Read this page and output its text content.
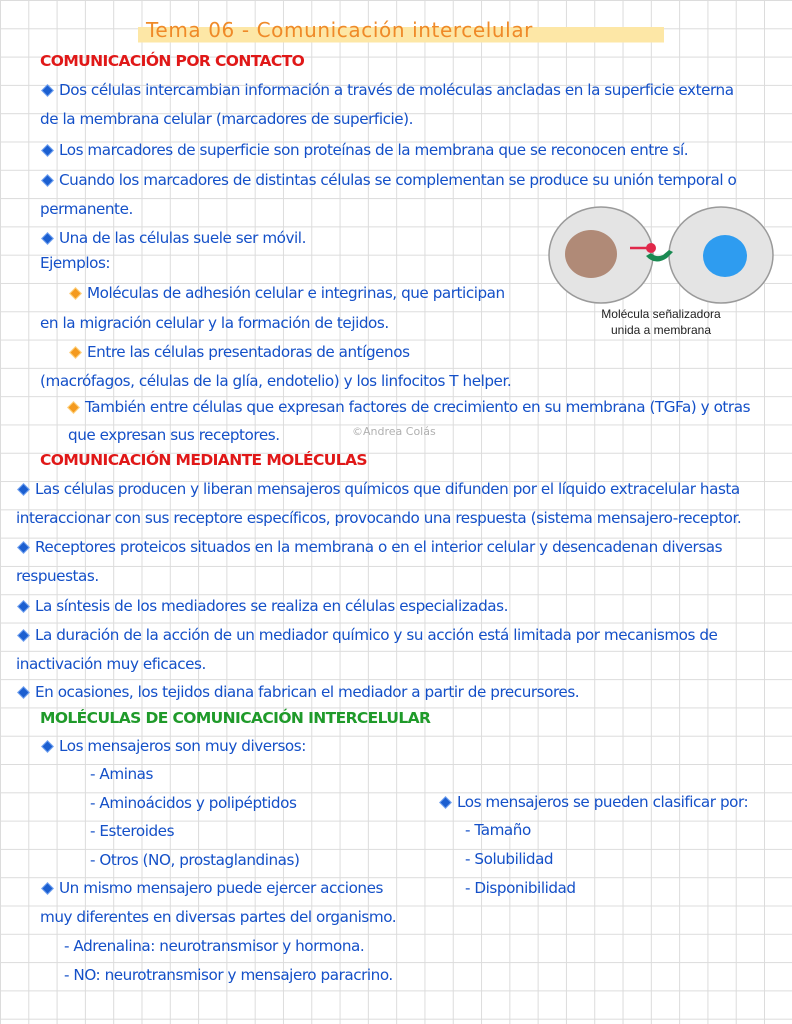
Tema 06 - Comunicación intercelular

COMUNICACIÓN POR CONTACTO

Dos células intercambian información a través de moléculas ancladas en la superficie externa

de la membrana celular (marcadores de superficie).

Los marcadores de superficie son proteínas de la membrana que se reconocen entre sí.

Cuando los marcadores de distintas células se complementan se produce su unión temporal o

permanente.

Una de las células suele ser móvil.

Ejemplos:

Moléculas de adhesión celular e integrinas, que participan

en la migración celular y la formación de tejidos.

Entre las células presentadoras de antígenos

(macrófagos, células de la glía, endotelio) y los linfocitos T helper.

También entre células que expresan factores de crecimiento en su membrana (TGFa) y otras

que expresan sus receptores.	©Andrea Colás
Molécula señalizadora
unida a membrana

COMUNICACIÓN MEDIANTE MOLÉCULAS

Las células producen y liberan mensajeros químicos que difunden por el líquido extracelular hasta

interaccionar con sus receptore específicos, provocando una respuesta (sistema mensajero-receptor.

Receptores proteicos situados en la membrana o en el interior celular y desencadenan diversas

respuestas.

La síntesis de los mediadores se realiza en células especializadas.

La duración de la acción de un mediador químico y su acción está limitada por mecanismos de

inactivación muy eficaces.

En ocasiones, los tejidos diana fabrican el mediador a partir de precursores.

MOLÉCULAS DE COMUNICACIÓN INTERCELULAR

Los mensajeros son muy diversos:

- Aminas

- Aminoácidos y polipéptidos

- Esteroides

- Otros (NO, prostaglandinas)

Un mismo mensajero puede ejercer acciones

muy diferentes en diversas partes del organismo.

- Adrenalina: neurotransmisor y hormona.

- NO: neurotransmisor y mensajero paracrino.

Los mensajeros se pueden clasificar por:

- Tamaño

- Solubilidad

- Disponibilidad
